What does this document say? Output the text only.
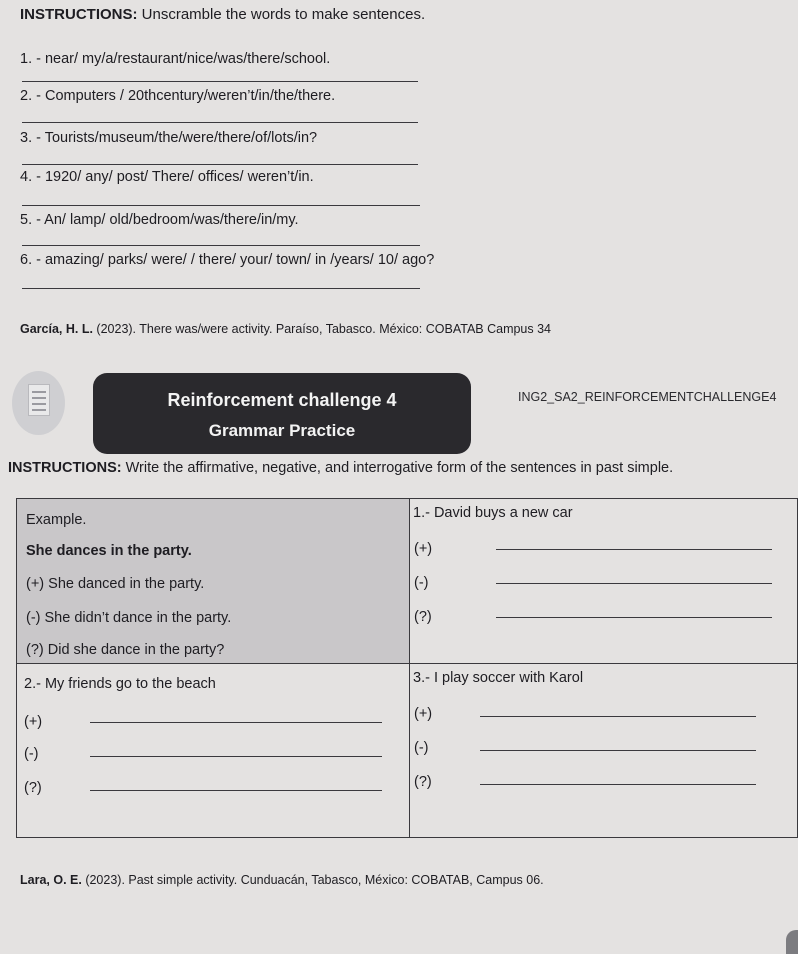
INSTRUCTIONS: Unscramble the words to make sentences.
1. - near/ my/a/restaurant/nice/was/there/school.
2. - Computers / 20thcentury/weren’t/in/the/there.
3. - Tourists/museum/the/were/there/of/lots/in?
4. - 1920/ any/ post/ There/ offices/ weren’t/in.
5. - An/ lamp/ old/bedroom/was/there/in/my.
6. - amazing/ parks/ were/ / there/ your/ town/ in /years/ 10/ ago?
García, H. L. (2023). There was/were activity. Paraíso, Tabasco. México: COBATAB Campus 34
Reinforcement challenge 4
Grammar Practice
ING2_SA2_REINFORCEMENTCHALLENGE4
INSTRUCTIONS: Write the affirmative, negative, and interrogative form of the sentences in past simple.
Example.
She dances in the party.
(+) She danced in the party.
(-) She didn’t dance in the party.
(?) Did she dance in the party?
1.- David buys a new car
(+)
(-)
(?)
2.- My friends go to the beach
(+)
(-)
(?)
3.- I play soccer with Karol
(+)
(-)
(?)
Lara, O. E. (2023). Past simple activity. Cunduacán, Tabasco, México: COBATAB, Campus 06.
